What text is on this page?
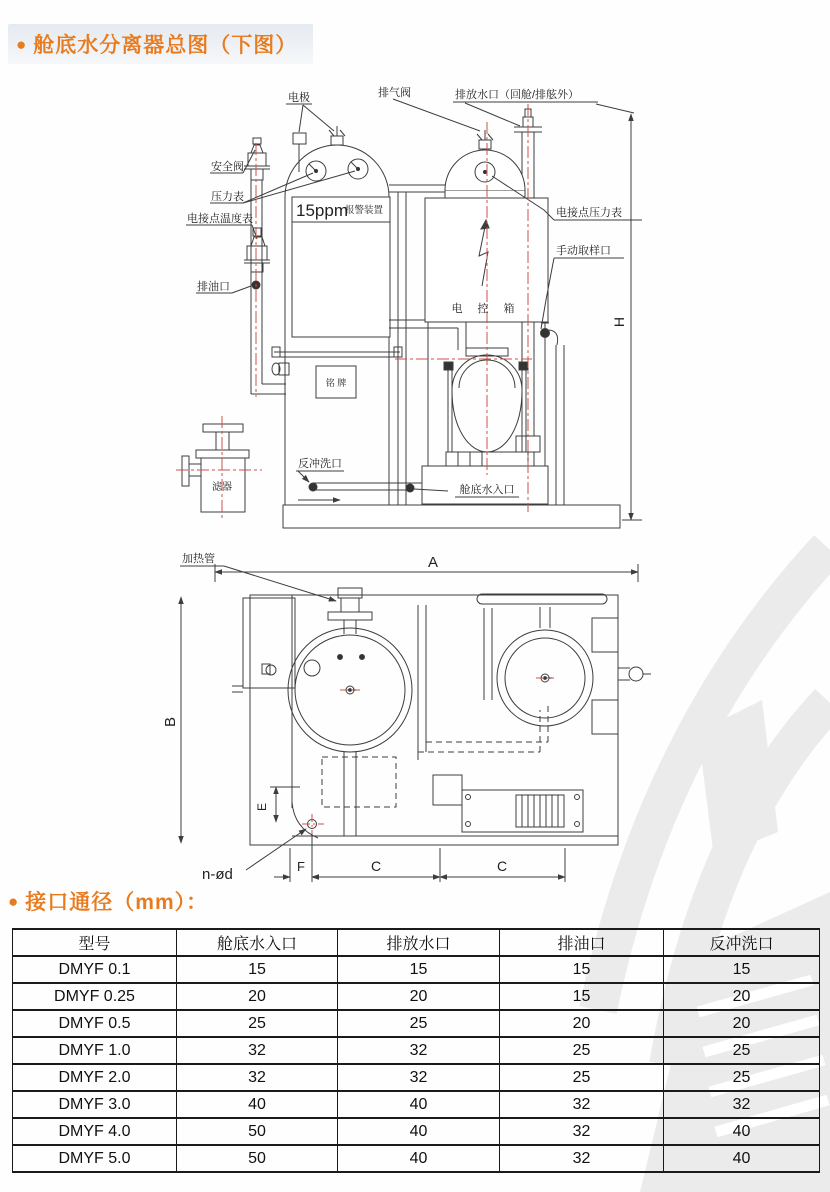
电极	排气阀	排放水口（回舱/排舷外）
安全阀
压力表
电接点温度表
排油口
15ppm
报警装置	电接点压力表
手动取样口
电 控 箱
铭 牌
反冲洗口
舱底水入口
滤器
H
加热管	A
B
E
F	C	C
n-ød
● 舱底水分离器总图（下图）
● 接口通径（mm）：
型号	舱底水入口	排放水口	排油口	反冲洗口
DMYF 0.1	15	15	15	15
DMYF 0.25	20	20	15	20
DMYF 0.5	25	25	20	20
DMYF 1.0	32	32	25	25
DMYF 2.0	32	32	25	25
DMYF 3.0	40	40	32	32
DMYF 4.0	50	40	32	40
DMYF 5.0	50	40	32	40
